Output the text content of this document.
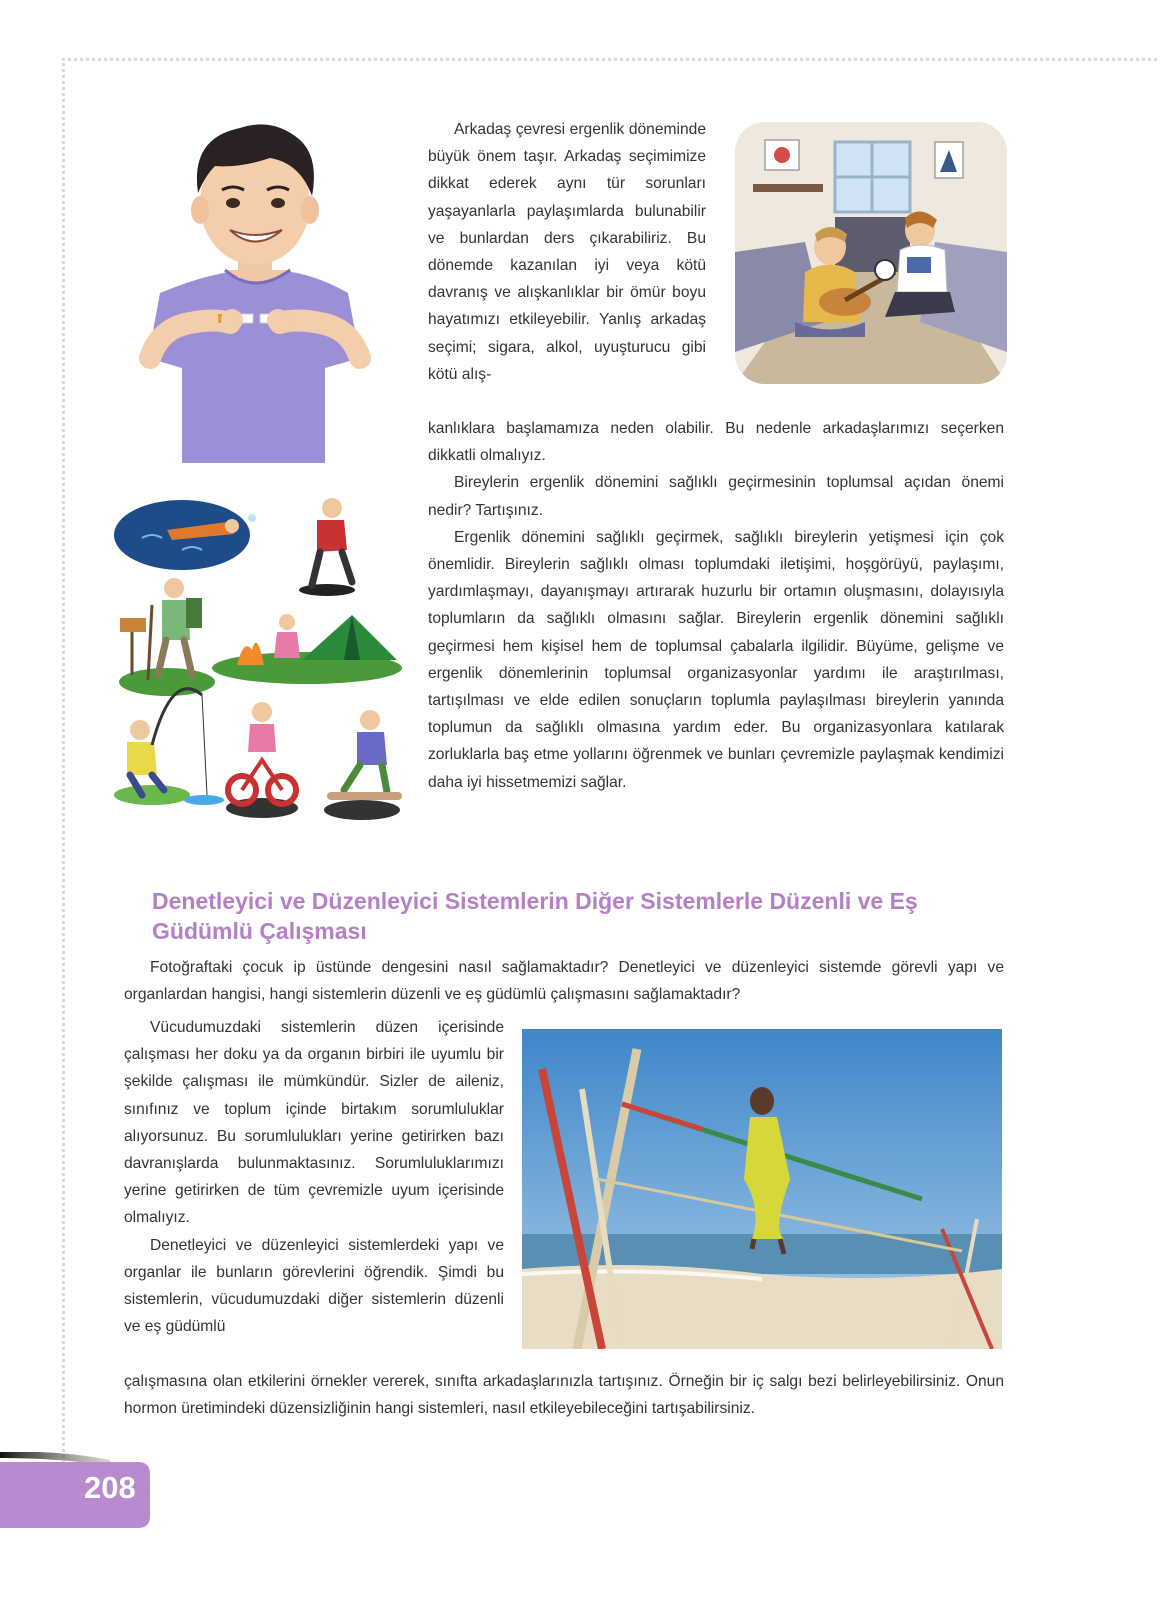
Arkadaş çevresi ergenlik döneminde büyük önem taşır. Arkadaş seçimimize dikkat ederek aynı tür sorunları yaşayanlarla paylaşımlarda bulunabilir ve bunlardan ders çıkarabiliriz. Bu dönemde kazanılan iyi veya kötü davranış ve alışkanlıklar bir ömür boyu hayatımızı etkileyebilir. Yanlış arkadaş seçimi; sigara, alkol, uyuşturucu gibi kötü alış-

kanlıklara başlamamıza neden olabilir. Bu nedenle arkadaşlarımızı seçerken dikkatli olmalıyız.

Bireylerin ergenlik dönemini sağlıklı geçirmesinin toplumsal açıdan önemi nedir? Tartışınız.

Ergenlik dönemini sağlıklı geçirmek, sağlıklı bireylerin yetişmesi için çok önemlidir. Bireylerin sağlıklı olması toplumdaki iletişimi, hoşgörüyü, paylaşımı, yardımlaşmayı, dayanışmayı artırarak huzurlu bir ortamın oluşmasını, dolayısıyla toplumların da sağlıklı olmasını sağlar. Bireylerin ergenlik dönemini sağlıklı geçirmesi hem kişisel hem de toplumsal çabalarla ilgilidir. Büyüme, gelişme ve ergenlik dönemlerinin toplumsal organizasyonlar yardımı ile araştırılması, tartışılması ve elde edilen sonuçların toplumla paylaşılması bireylerin yanında toplumun da sağlıklı olmasına yardım eder. Bu organizasyonlara katılarak zorluklarla baş etme yollarını öğrenmek ve bunları çevremizle paylaşmak kendimizi daha iyi hissetmemizi sağlar.

Denetleyici ve Düzenleyici Sistemlerin Diğer Sistemlerle Düzenli ve Eş Güdümlü Çalışması

Fotoğraftaki çocuk ip üstünde dengesini nasıl sağlamaktadır? Denetleyici ve düzenleyici sistemde görevli yapı ve organlardan hangisi, hangi sistemlerin düzenli ve eş güdümlü çalışmasını sağlamaktadır?

Vücudumuzdaki sistemlerin düzen içerisinde çalışması her doku ya da organın birbiri ile uyumlu bir şekilde çalışması ile mümkündür. Sizler de aileniz, sınıfınız ve toplum içinde birtakım sorumluluklar alıyorsunuz. Bu sorumlulukları yerine getirirken bazı davranışlarda bulunmaktasınız. Sorumluluklarımızı yerine getirirken de tüm çevremizle uyum içerisinde olmalıyız.

Denetleyici ve düzenleyici sistemlerdeki yapı ve organlar ile bunların görevlerini öğrendik. Şimdi bu sistemlerin, vücudumuzdaki diğer sistemlerin düzenli ve eş güdümlü

çalışmasına olan etkilerini örnekler vererek, sınıfta arkadaşlarınızla tartışınız. Örneğin bir iç salgı bezi belirleyebilirsiniz. Onun hormon üretimindeki düzensizliğinin hangi sistemleri, nasıl etkileyebileceğini tartışabilirsiniz.

208
